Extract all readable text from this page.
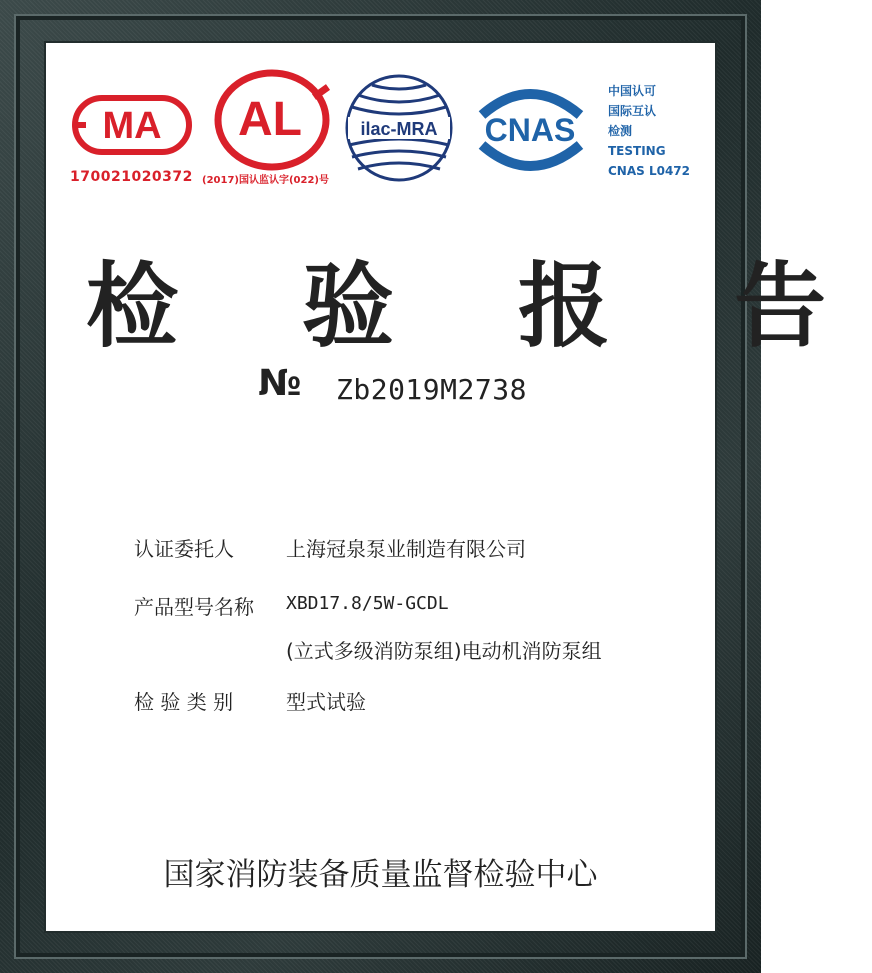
MA AL	ilac-MRA CNAS
170021020372 (2017)国认监认字(022)号
中国认可
国际互认
检测
TESTING
CNAS L0472
检 验 报 告
№ Zb2019M2738
认证委托人	上海冠泉泵业制造有限公司
产品型号名称 XBD17.8/5W-GCDL
(立式多级消防泵组)电动机消防泵组
检 验 类 别	型式试验
国家消防装备质量监督检验中心
